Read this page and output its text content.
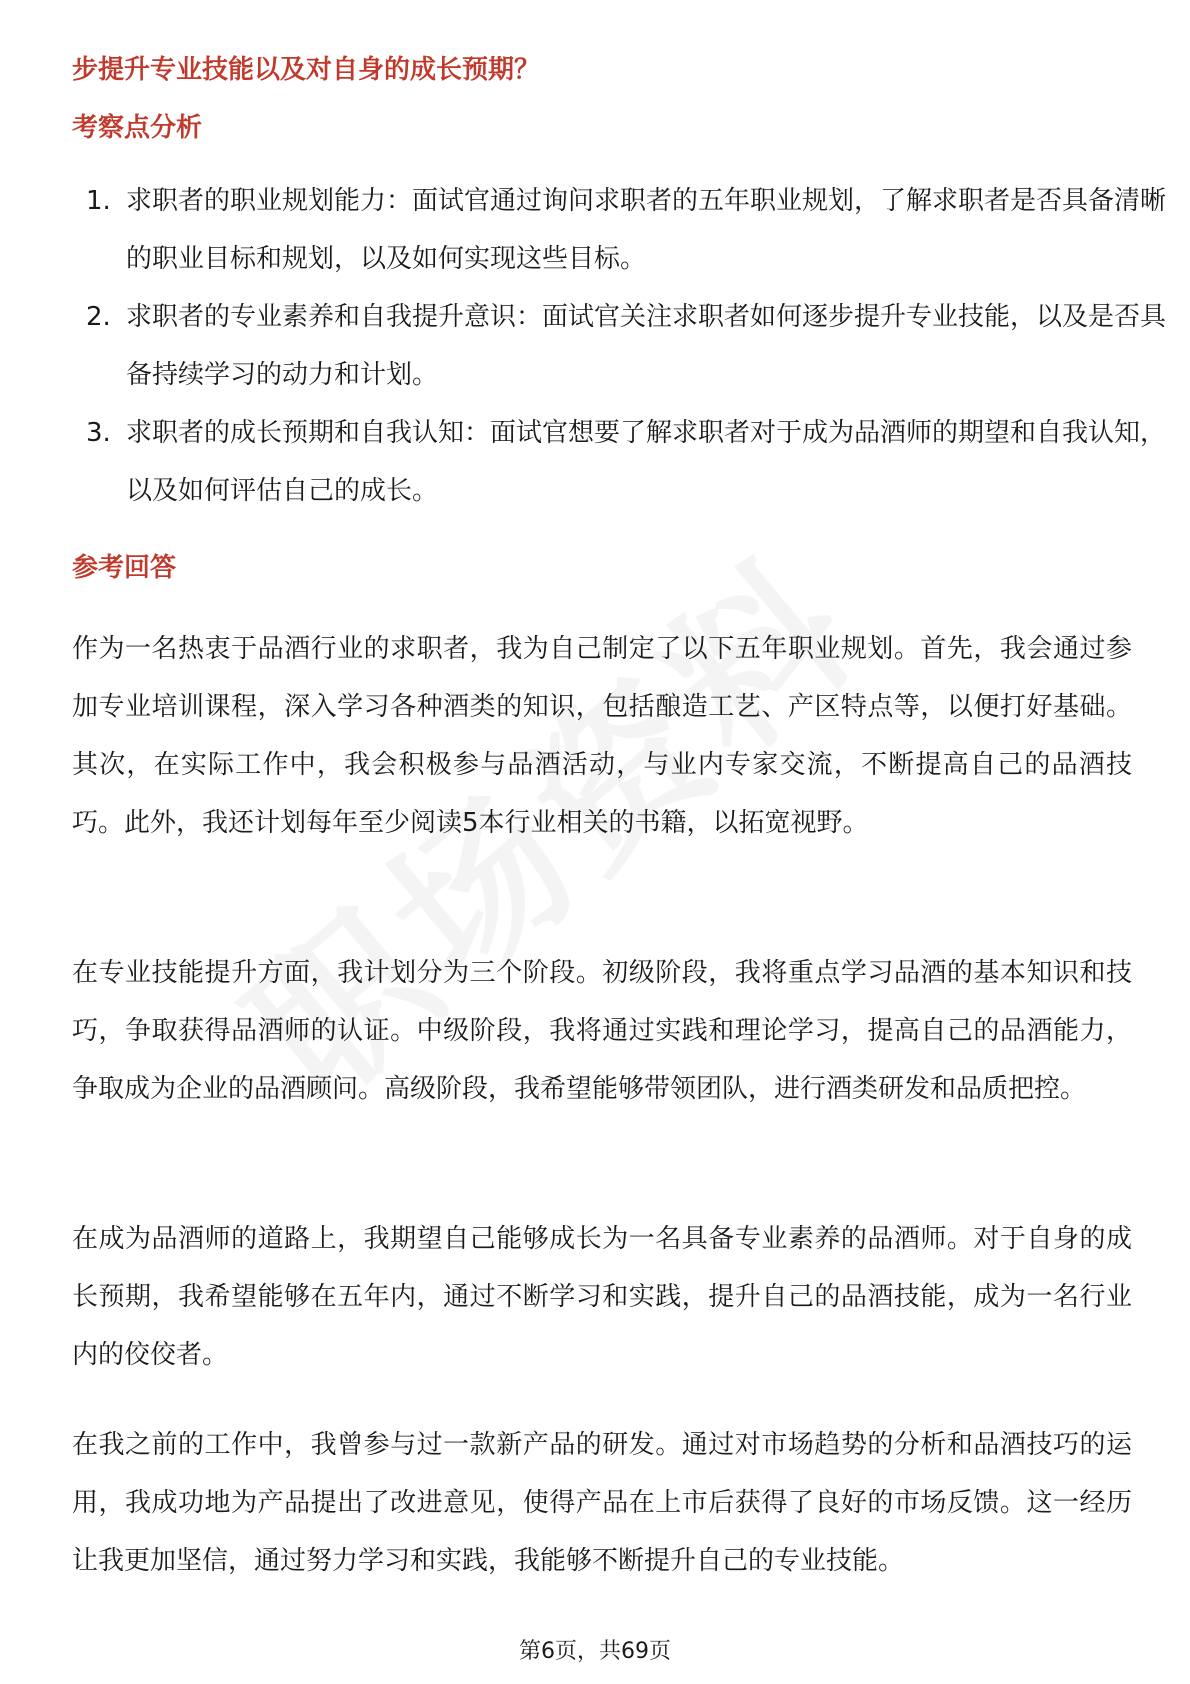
步提升专业技能以及对自身的成长预期？
考察点分析
1. 求职者的职业规划能力：面试官通过询问求职者的五年职业规划，了解求职者是否具备清晰的职业目标和规划，以及如何实现这些目标。
2. 求职者的专业素养和自我提升意识：面试官关注求职者如何逐步提升专业技能，以及是否具备持续学习的动力和计划。
3. 求职者的成长预期和自我认知：面试官想要了解求职者对于成为品酒师的期望和自我认知，以及如何评估自己的成长。
参考回答

作为一名热衷于品酒行业的求职者，我为自己制定了以下五年职业规划。首先，我会通过参加专业培训课程，深入学习各种酒类的知识，包括酿造工艺、产区特点等，以便打好基础。其次，在实际工作中，我会积极参与品酒活动，与业内专家交流，不断提高自己的品酒技巧。此外，我还计划每年至少阅读5本行业相关的书籍，以拓宽视野。

在专业技能提升方面，我计划分为三个阶段。初级阶段，我将重点学习品酒的基本知识和技巧，争取获得品酒师的认证。中级阶段，我将通过实践和理论学习，提高自己的品酒能力，争取成为企业的品酒顾问。高级阶段，我希望能够带领团队，进行酒类研发和品质把控。

在成为品酒师的道路上，我期望自己能够成长为一名具备专业素养的品酒师。对于自身的成长预期，我希望能够在五年内，通过不断学习和实践，提升自己的品酒技能，成为一名行业内的佼佼者。

在我之前的工作中，我曾参与过一款新产品的研发。通过对市场趋势的分析和品酒技巧的运用，我成功地为产品提出了改进意见，使得产品在上市后获得了良好的市场反馈。这一经历让我更加坚信，通过努力学习和实践，我能够不断提升自己的专业技能。

第6页，共69页
